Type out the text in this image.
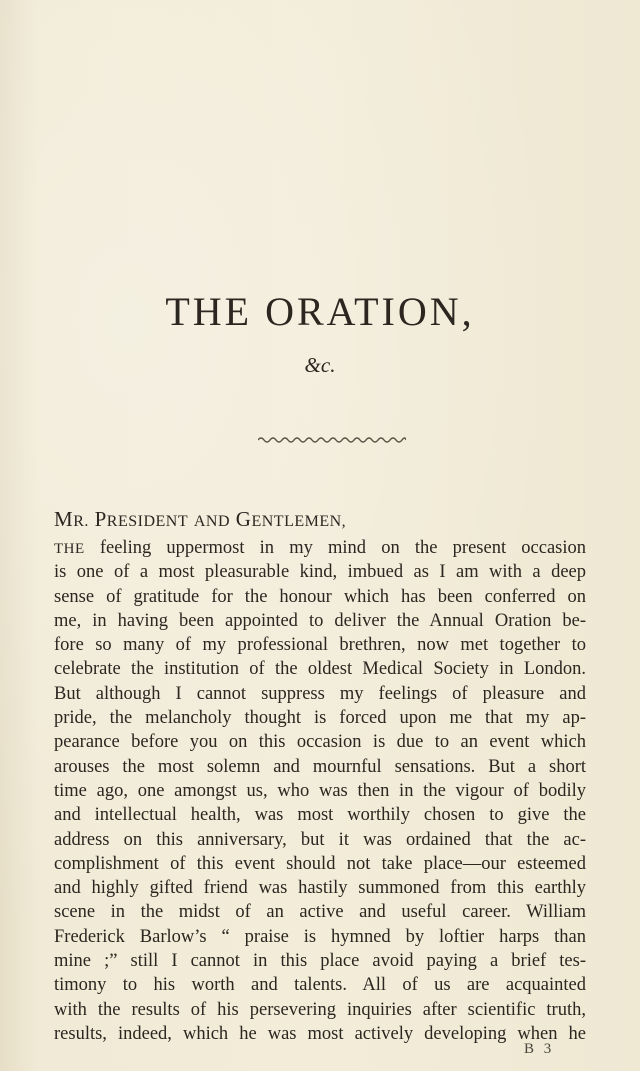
THE ORATION,
&c.
MR. PRESIDENT AND GENTLEMEN,
THE feeling uppermost in my mind on the present occasion
is one of a most pleasurable kind, imbued as I am with a deep
sense of gratitude for the honour which has been conferred on
me, in having been appointed to deliver the Annual Oration be-
fore so many of my professional brethren, now met together to
celebrate the institution of the oldest Medical Society in London.
But although I cannot suppress my feelings of pleasure and
pride, the melancholy thought is forced upon me that my ap-
pearance before you on this occasion is due to an event which
arouses the most solemn and mournful sensations. But a short
time ago, one amongst us, who was then in the vigour of bodily
and intellectual health, was most worthily chosen to give the
address on this anniversary, but it was ordained that the ac-
complishment of this event should not take place—our esteemed
and highly gifted friend was hastily summoned from this earthly
scene in the midst of an active and useful career. William
Frederick Barlow’s “ praise is hymned by loftier harps than
mine ;” still I cannot in this place avoid paying a brief tes-
timony to his worth and talents. All of us are acquainted
with the results of his persevering inquiries after scientific truth,
results, indeed, which he was most actively developing when he
B 3
